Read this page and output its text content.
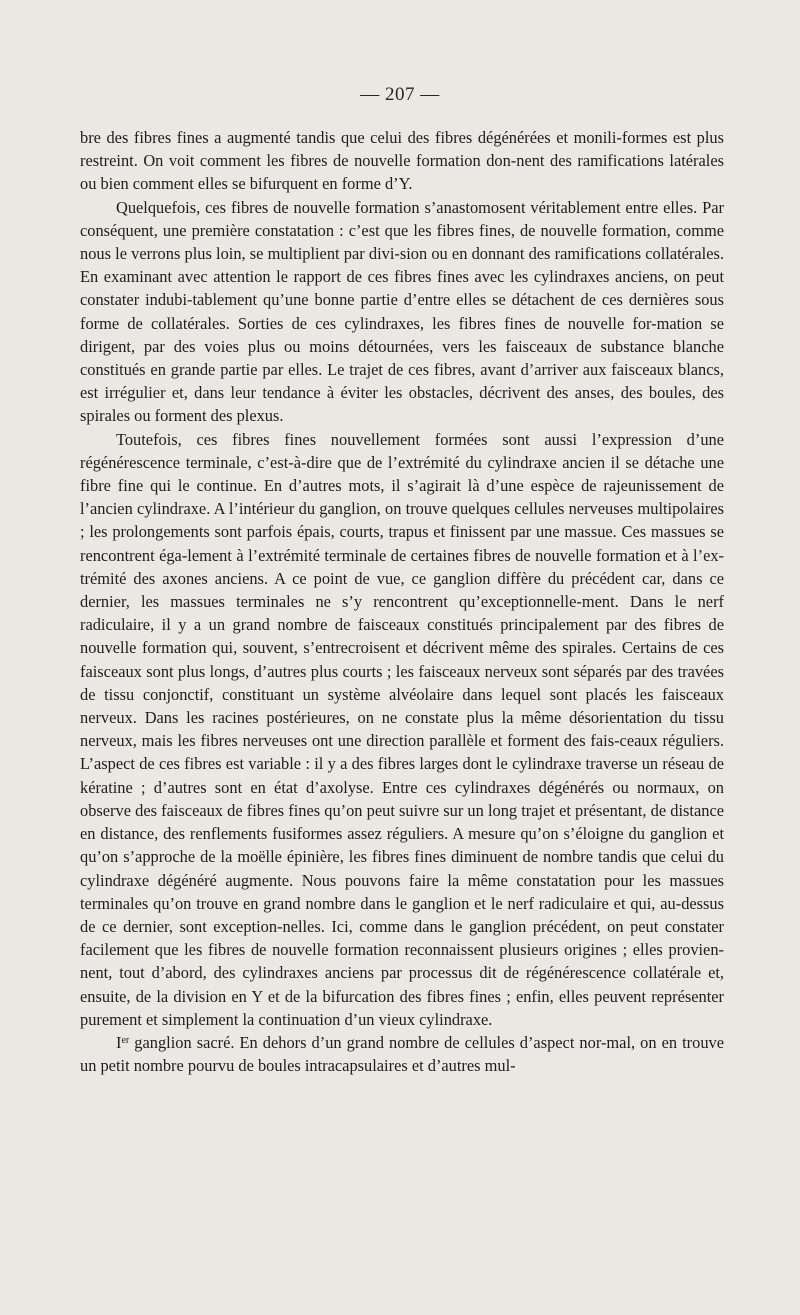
— 207 —

bre des fibres fines a augmenté tandis que celui des fibres dégénérées et monili-formes est plus restreint. On voit comment les fibres de nouvelle formation don-nent des ramifications latérales ou bien comment elles se bifurquent en forme d’Y.

Quelquefois, ces fibres de nouvelle formation s’anastomosent véritablement entre elles. Par conséquent, une première constatation : c’est que les fibres fines, de nouvelle formation, comme nous le verrons plus loin, se multiplient par divi-sion ou en donnant des ramifications collatérales. En examinant avec attention le rapport de ces fibres fines avec les cylindraxes anciens, on peut constater indubi-tablement qu’une bonne partie d’entre elles se détachent de ces dernières sous forme de collatérales. Sorties de ces cylindraxes, les fibres fines de nouvelle for-mation se dirigent, par des voies plus ou moins détournées, vers les faisceaux de substance blanche constitués en grande partie par elles. Le trajet de ces fibres, avant d’arriver aux faisceaux blancs, est irrégulier et, dans leur tendance à éviter les obstacles, décrivent des anses, des boules, des spirales ou forment des plexus.

Toutefois, ces fibres fines nouvellement formées sont aussi l’expression d’une régénérescence terminale, c’est-à-dire que de l’extrémité du cylindraxe ancien il se détache une fibre fine qui le continue. En d’autres mots, il s’agirait là d’une espèce de rajeunissement de l’ancien cylindraxe. A l’intérieur du ganglion, on trouve quelques cellules nerveuses multipolaires ; les prolongements sont parfois épais, courts, trapus et finissent par une massue. Ces massues se rencontrent éga-lement à l’extrémité terminale de certaines fibres de nouvelle formation et à l’ex-trémité des axones anciens. A ce point de vue, ce ganglion diffère du précédent car, dans ce dernier, les massues terminales ne s’y rencontrent qu’exceptionnelle-ment. Dans le nerf radiculaire, il y a un grand nombre de faisceaux constitués principalement par des fibres de nouvelle formation qui, souvent, s’entrecroisent et décrivent même des spirales. Certains de ces faisceaux sont plus longs, d’autres plus courts ; les faisceaux nerveux sont séparés par des travées de tissu conjonctif, constituant un système alvéolaire dans lequel sont placés les faisceaux nerveux. Dans les racines postérieures, on ne constate plus la même désorientation du tissu nerveux, mais les fibres nerveuses ont une direction parallèle et forment des fais-ceaux réguliers. L’aspect de ces fibres est variable : il y a des fibres larges dont le cylindraxe traverse un réseau de kératine ; d’autres sont en état d’axolyse. Entre ces cylindraxes dégénérés ou normaux, on observe des faisceaux de fibres fines qu’on peut suivre sur un long trajet et présentant, de distance en distance, des renflements fusiformes assez réguliers. A mesure qu’on s’éloigne du ganglion et qu’on s’approche de la moëlle épinière, les fibres fines diminuent de nombre tandis que celui du cylindraxe dégénéré augmente. Nous pouvons faire la même constatation pour les massues terminales qu’on trouve en grand nombre dans le ganglion et le nerf radiculaire et qui, au-dessus de ce dernier, sont exception-nelles. Ici, comme dans le ganglion précédent, on peut constater facilement que les fibres de nouvelle formation reconnaissent plusieurs origines ; elles provien-nent, tout d’abord, des cylindraxes anciens par processus dit de régénérescence collatérale et, ensuite, de la division en Y et de la bifurcation des fibres fines ; enfin, elles peuvent représenter purement et simplement la continuation d’un vieux cylindraxe.

Ier ganglion sacré. En dehors d’un grand nombre de cellules d’aspect nor-mal, on en trouve un petit nombre pourvu de boules intracapsulaires et d’autres mul-
